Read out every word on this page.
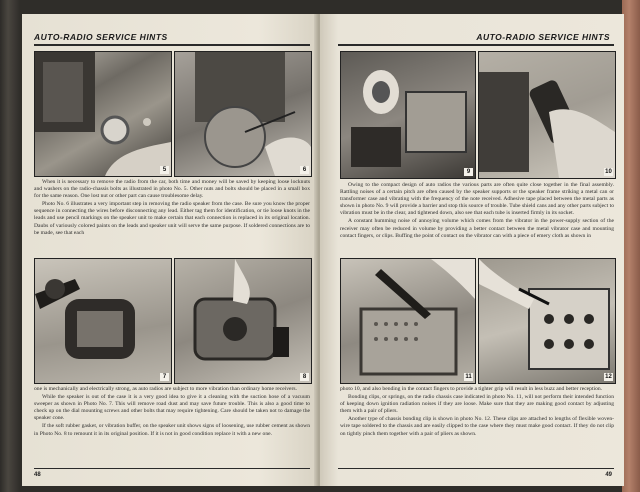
AUTO-RADIO SERVICE HINTS
5	6

When it is necessary to remove the radio from the car, both time and money will be saved by keeping loose locknuts and washers on the radio-chassis bolts as illustrated in photo No. 5. Other nuts and bolts should be placed in a small box for the same reason. One lost nut or other part can cause troublesome delay.

Photo No. 6 illustrates a very important step in removing the radio speaker from the case. Be sure you know the proper sequence in connecting the wires before disconnecting any lead. Either tag them for identification, or tie loose knots in the leads and use pencil markings on the speaker unit to make certain that each connection is replaced in its original location. Daubs of variously colored paints on the leads and speaker unit will serve the same purpose. If soldered connections are to be made, see that each

7	8

one is mechanically and electrically strong, as auto radios are subject to more vibration than ordinary home receivers.

While the speaker is out of the case it is a very good idea to give it a cleaning with the suction hose of a vacuum sweeper as shown in Photo No. 7. This will remove road dust and may save future trouble. This is also a good time to check up on the dial mounting screws and other bolts that may require tightening. Care should be taken not to damage the speaker cone.

If the soft rubber gasket, or vibration buffer, on the speaker unit shows signs of loosening, use rubber cement as shown in Photo No. 8 to remount it in its original position. If it is not in good condition replace it with a new one.

48
AUTO-RADIO SERVICE HINTS
9	10

Owing to the compact design of auto radios the various parts are often quite close together in the final assembly. Rattling noises of a certain pitch are often caused by the speaker supports or the speaker frame striking a metal can or transformer case and vibrating with the frequency of the note received. Adhesive tape placed between the metal parts as shown in photo No. 9 will provide a barrier and stop this source of trouble. Tube shield cans and any other parts subject to vibration must be in the clear, and tightened down, also see that each tube is inserted firmly in its socket.

A constant humming noise of annoying volume which comes from the vibrator in the power-supply section of the receiver may often be reduced in volume by providing a better contact between the metal vibrator case and mounting contact fingers, or clips. Buffing the point of contact on the vibrator can with a piece of emery cloth as shown in

11	12

photo 10, and also bending in the contact fingers to provide a tighter grip will result in less buzz and better reception.

Bonding clips, or springs, on the radio chassis case indicated in photo No. 11, will not perform their intended function of keeping down ignition radiation noises if they are loose. Make sure that they are making good contact by adjusting them with a pair of pliers.

Another type of chassis bonding clip is shown in photo No. 12. These clips are attached to lengths of flexible woven-wire tape soldered to the chassis and are easily clipped to the case where they must make good contact. If they do not clip on tightly pinch them together with a pair of pliers as shown.

49
